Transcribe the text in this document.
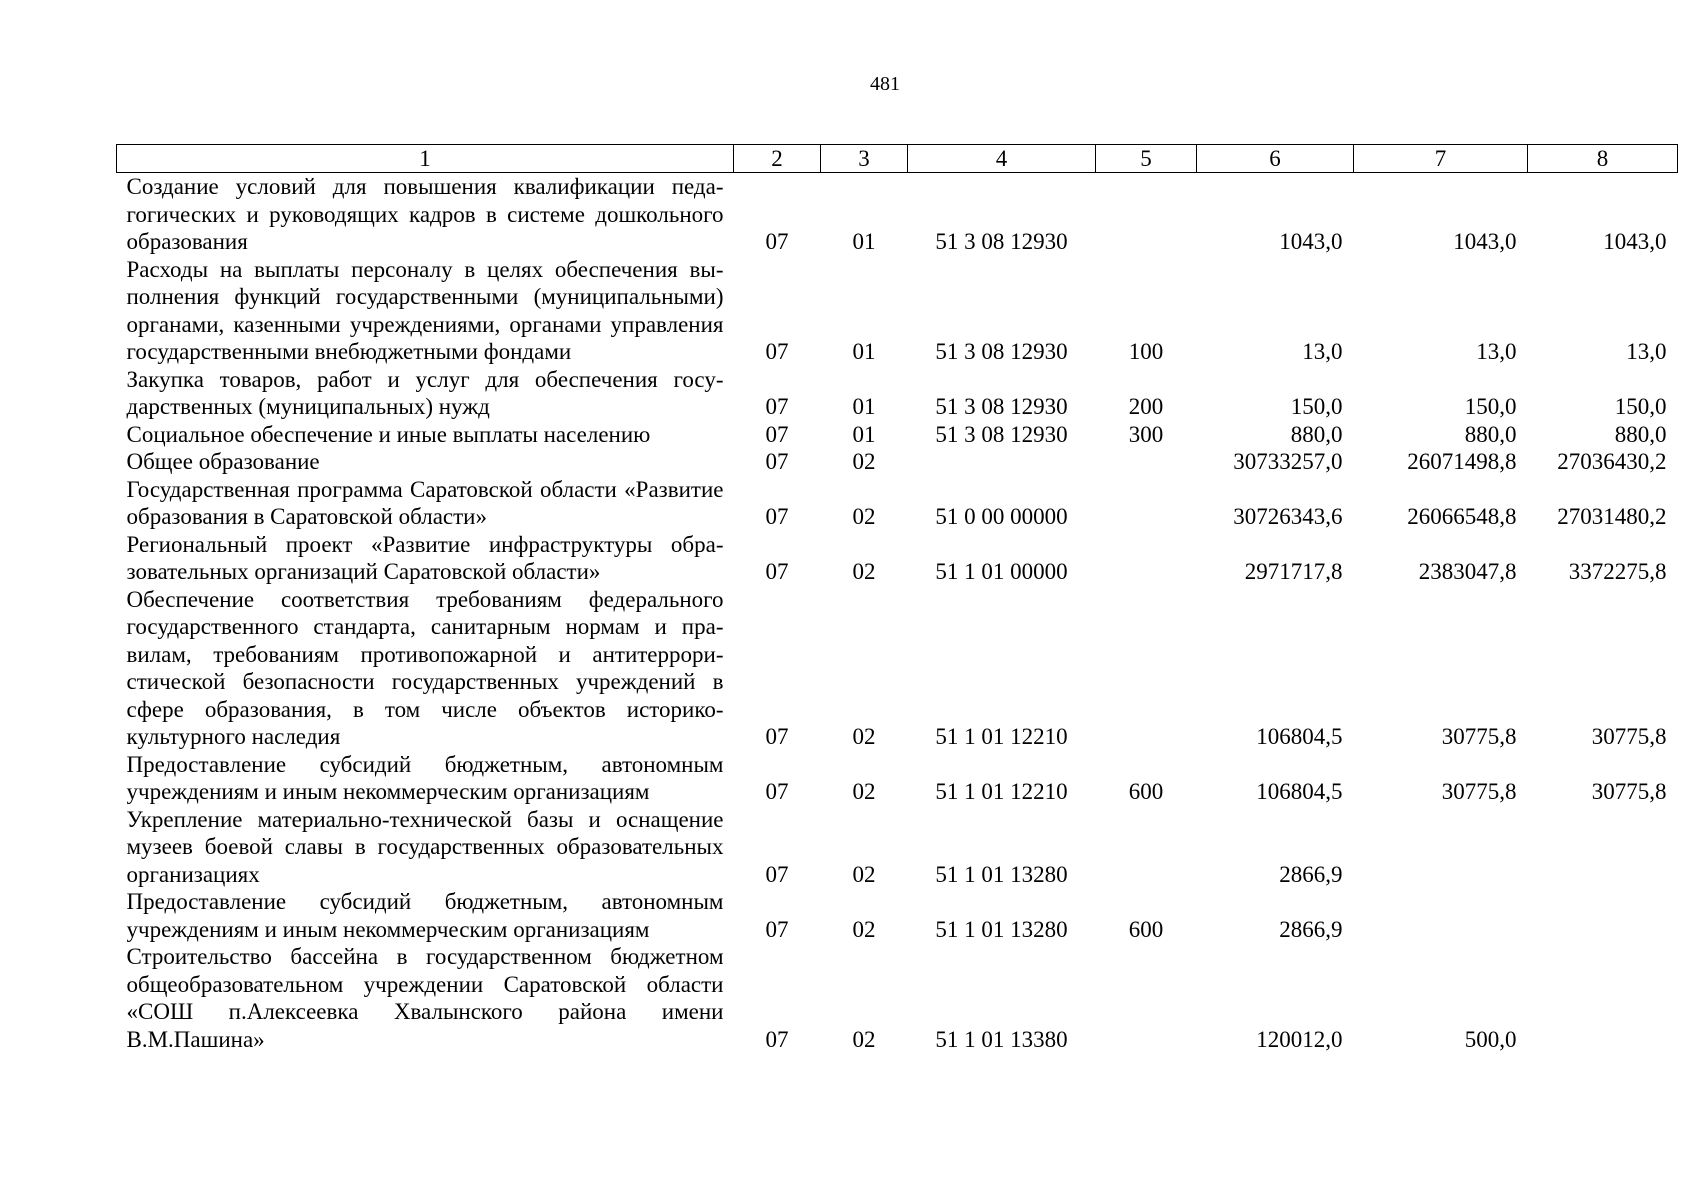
481
1	2	3	4	5	6	7	8
Создание условий для повышения квалификации педагогических и руководящих кадров в системе дошкольного образования	07	01	51 3 08 12930		1043,0	1043,0	1043,0
Расходы на выплаты персоналу в целях обеспечения выполнения функций государственными (муниципальными) органами, казенными учреждениями, органами управления государственными внебюджетными фондами	07	01	51 3 08 12930	100	13,0	13,0	13,0
Закупка товаров, работ и услуг для обеспечения государственных (муниципальных) нужд	07	01	51 3 08 12930	200	150,0	150,0	150,0
Социальное обеспечение и иные выплаты населению	07	01	51 3 08 12930	300	880,0	880,0	880,0
Общее образование	07	02			30733257,0	26071498,8	27036430,2
Государственная программа Саратовской области «Развитие образования в Саратовской области»	07	02	51 0 00 00000		30726343,6	26066548,8	27031480,2
Региональный проект «Развитие инфраструктуры образовательных организаций Саратовской области»	07	02	51 1 01 00000		2971717,8	2383047,8	3372275,8
Обеспечение соответствия требованиям федерального государственного стандарта, санитарным нормам и правилам, требованиям противопожарной и антитеррористической безопасности государственных учреждений в сфере образования, в том числе объектов историко-культурного наследия	07	02	51 1 01 12210		106804,5	30775,8	30775,8
Предоставление субсидий бюджетным, автономным учреждениям и иным некоммерческим организациям	07	02	51 1 01 12210	600	106804,5	30775,8	30775,8
Укрепление материально-технической базы и оснащение музеев боевой славы в государственных образовательных организациях	07	02	51 1 01 13280		2866,9		
Предоставление субсидий бюджетным, автономным учреждениям и иным некоммерческим организациям	07	02	51 1 01 13280	600	2866,9		
Строительство бассейна в государственном бюджетном общеобразовательном учреждении Саратовской области «СОШ п.Алексеевка Хвалынского района имени В.М.Пашина»	07	02	51 1 01 13380		120012,0	500,0	
